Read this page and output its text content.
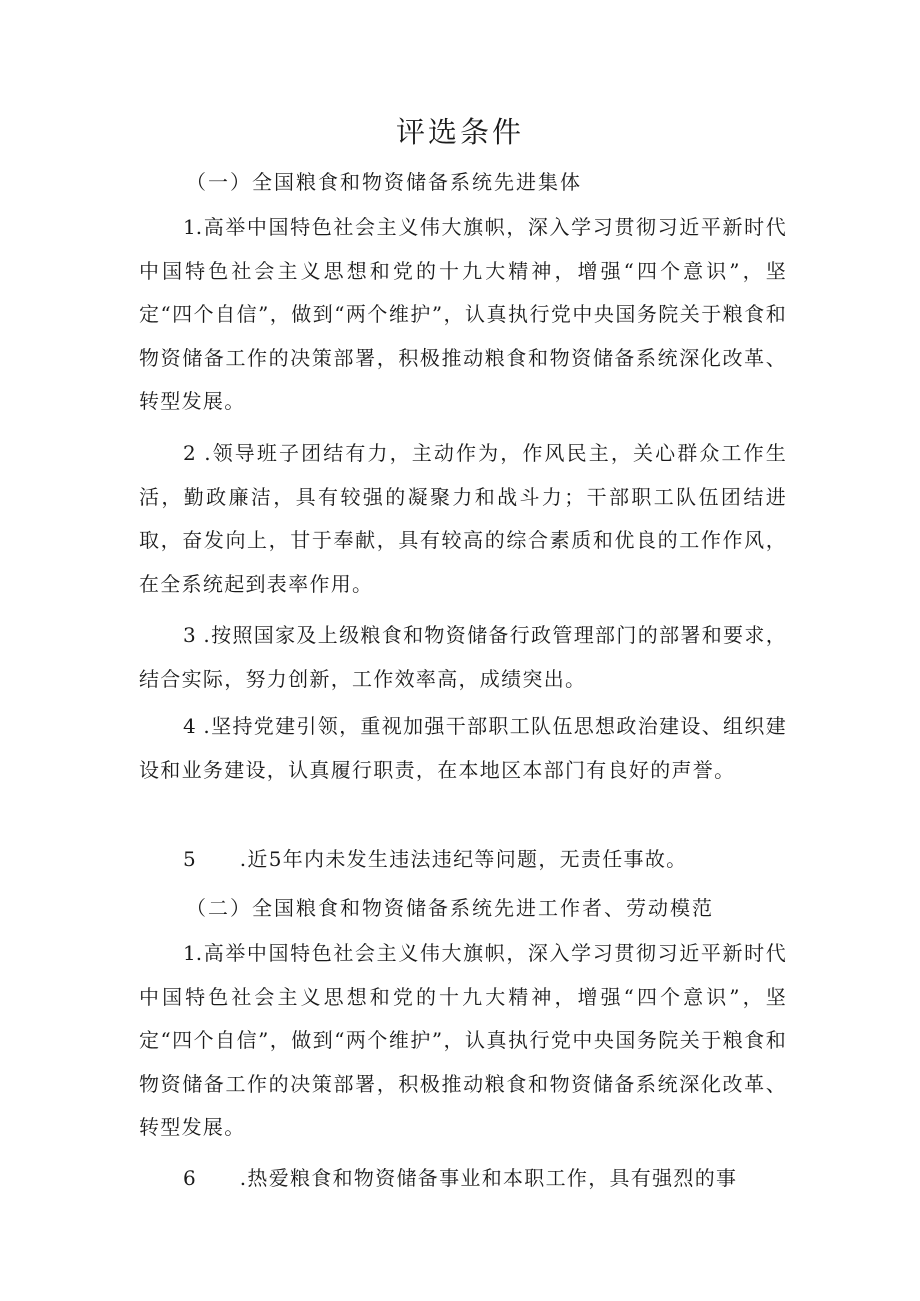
评选条件

（一）全国粮食和物资储备系统先进集体

1.高举中国特色社会主义伟大旗帜，深入学习贯彻习近平新时代中国特色社会主义思想和党的十九大精神，增强“四个意识”，坚定“四个自信”，做到“两个维护”，认真执行党中央国务院关于粮食和物资储备工作的决策部署，积极推动粮食和物资储备系统深化改革、转型发展。

2 .领导班子团结有力，主动作为，作风民主，关心群众工作生活，勤政廉洁，具有较强的凝聚力和战斗力；干部职工队伍团结进取，奋发向上，甘于奉献，具有较高的综合素质和优良的工作作风，在全系统起到表率作用。

3 .按照国家及上级粮食和物资储备行政管理部门的部署和要求，结合实际，努力创新，工作效率高，成绩突出。

4 .坚持党建引领，重视加强干部职工队伍思想政治建设、组织建设和业务建设，认真履行职责，在本地区本部门有良好的声誉。

5 .近5年内未发生违法违纪等问题，无责任事故。

（二）全国粮食和物资储备系统先进工作者、劳动模范

1.高举中国特色社会主义伟大旗帜，深入学习贯彻习近平新时代中国特色社会主义思想和党的十九大精神，增强“四个意识”，坚定“四个自信”，做到“两个维护”，认真执行党中央国务院关于粮食和物资储备工作的决策部署，积极推动粮食和物资储备系统深化改革、转型发展。

6 .热爱粮食和物资储备事业和本职工作，具有强烈的事
